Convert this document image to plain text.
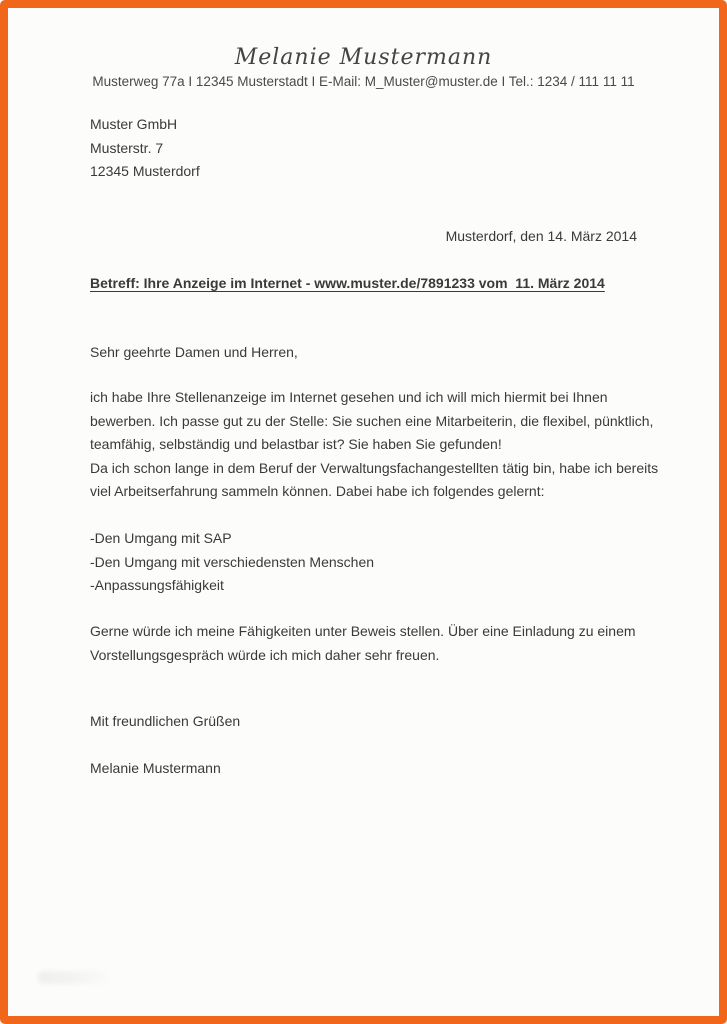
Melanie Mustermann
Musterweg 77a I 12345 Musterstadt I E-Mail: M_Muster@muster.de I Tel.: 1234 / 111 11 11
Muster GmbH
Musterstr. 7
12345 Musterdorf
Musterdorf, den 14. März 2014
Betreff: Ihre Anzeige im Internet - www.muster.de/7891233 vom  11. März 2014
Sehr geehrte Damen und Herren,
ich habe Ihre Stellenanzeige im Internet gesehen und ich will mich hiermit bei Ihnen
bewerben. Ich passe gut zu der Stelle: Sie suchen eine Mitarbeiterin, die flexibel, pünktlich,
teamfähig, selbständig und belastbar ist? Sie haben Sie gefunden!
Da ich schon lange in dem Beruf der Verwaltungsfachangestellten tätig bin, habe ich bereits
viel Arbeitserfahrung sammeln können. Dabei habe ich folgendes gelernt:
-Den Umgang mit SAP
-Den Umgang mit verschiedensten Menschen
-Anpassungsfähigkeit
Gerne würde ich meine Fähigkeiten unter Beweis stellen. Über eine Einladung zu einem
Vorstellungsgespräch würde ich mich daher sehr freuen.
Mit freundlichen Grüßen
Melanie Mustermann
